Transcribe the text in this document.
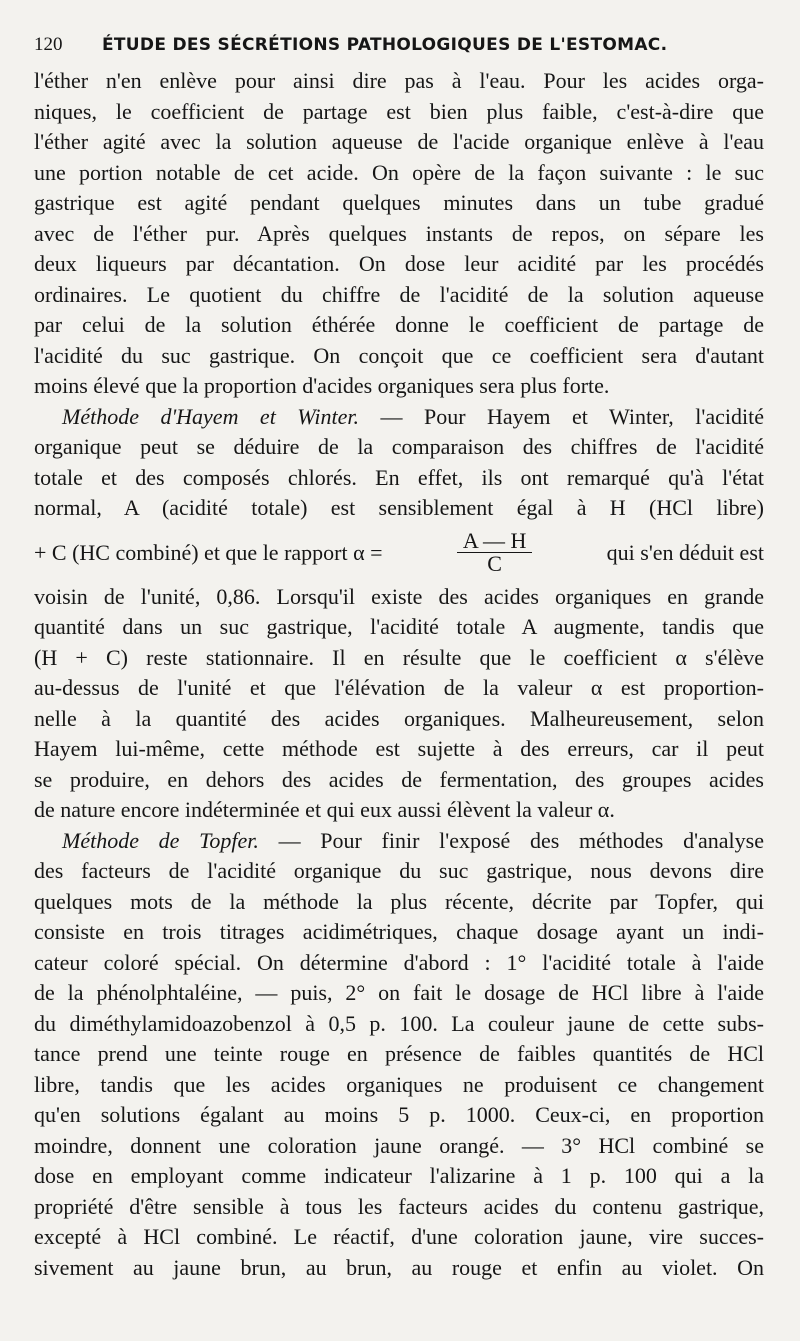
120 ÉTUDE DES SÉCRÉTIONS PATHOLOGIQUES DE L'ESTOMAC.
l'éther n'en enlève pour ainsi dire pas à l'eau. Pour les acides orga-
niques, le coefficient de partage est bien plus faible, c'est-à-dire que
l'éther agité avec la solution aqueuse de l'acide organique enlève à l'eau
une portion notable de cet acide. On opère de la façon suivante : le suc
gastrique est agité pendant quelques minutes dans un tube gradué
avec de l'éther pur. Après quelques instants de repos, on sépare les
deux liqueurs par décantation. On dose leur acidité par les procédés
ordinaires. Le quotient du chiffre de l'acidité de la solution aqueuse
par celui de la solution éthérée donne le coefficient de partage de
l'acidité du suc gastrique. On conçoit que ce coefficient sera d'autant
moins élevé que la proportion d'acides organiques sera plus forte.
Méthode d'Hayem et Winter. — Pour Hayem et Winter, l'acidité
organique peut se déduire de la comparaison des chiffres de l'acidité
totale et des composés chlorés. En effet, ils ont remarqué qu'à l'état
normal, A (acidité totale) est sensiblement égal à H (HCl libre)
+ C (HC combiné) et que le rapport α =	$\frac{A — H}{C}$	qui s'en déduit est
voisin de l'unité, 0,86. Lorsqu'il existe des acides organiques en grande
quantité dans un suc gastrique, l'acidité totale A augmente, tandis que
(H + C) reste stationnaire. Il en résulte que le coefficient α s'élève
au-dessus de l'unité et que l'élévation de la valeur α est proportion-
nelle à la quantité des acides organiques. Malheureusement, selon
Hayem lui-même, cette méthode est sujette à des erreurs, car il peut
se produire, en dehors des acides de fermentation, des groupes acides
de nature encore indéterminée et qui eux aussi élèvent la valeur α.
Méthode de Topfer. — Pour finir l'exposé des méthodes d'analyse
des facteurs de l'acidité organique du suc gastrique, nous devons dire
quelques mots de la méthode la plus récente, décrite par Topfer, qui
consiste en trois titrages acidimétriques, chaque dosage ayant un indi-
cateur coloré spécial. On détermine d'abord : 1° l'acidité totale à l'aide
de la phénolphtaléine, — puis, 2° on fait le dosage de HCl libre à l'aide
du diméthylamidoazobenzol à 0,5 p. 100. La couleur jaune de cette subs-
tance prend une teinte rouge en présence de faibles quantités de HCl
libre, tandis que les acides organiques ne produisent ce changement
qu'en solutions égalant au moins 5 p. 1000. Ceux-ci, en proportion
moindre, donnent une coloration jaune orangé. — 3° HCl combiné se
dose en employant comme indicateur l'alizarine à 1 p. 100 qui a la
propriété d'être sensible à tous les facteurs acides du contenu gastrique,
excepté à HCl combiné. Le réactif, d'une coloration jaune, vire succes-
sivement au jaune brun, au brun, au rouge et enfin au violet. On
